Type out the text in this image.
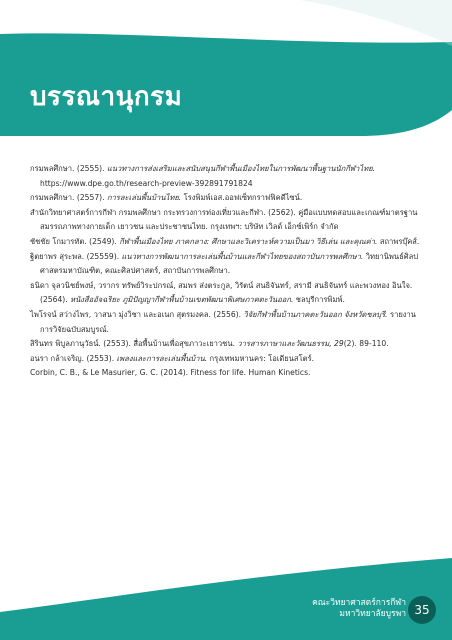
บรรณานุกรม

กรมพลศึกษา. (2555). แนวทางการส่งเสริมและสนับสนุนกีฬาพื้นเมืองไทยในการพัฒนาพื้นฐานนักกีฬาไทย. https://www.dpe.go.th/research-preview-392891791824

กรมพลศึกษา. (2557). การละเล่นพื้นบ้านไทย. โรงพิมพ์เอส.ออฟเซ็ทกราฟฟิคดีไซน์.

สำนักวิทยาศาสตร์การกีฬา กรมพลศึกษา กระทรวงการท่องเที่ยวและกีฬา. (2562). คู่มือแบบทดสอบและเกณฑ์มาตรฐานสมรรถภาพทางกายเด็ก เยาวชน และประชาชนไทย. กรุงเทพฯ: บริษัท เวิลด์ เอ็กซ์เพิร์ก จำกัด

ชัชชัย โกมารทัต. (2549). กีฬาพื้นเมืองไทย ภาคกลาง: ศึกษาและวิเคราะห์ความเป็นมา วิธีเล่น และคุณค่า. สถาพรบุ๊คส์.

ฐิตยาพร สุระพล. (25559). แนวทางการพัฒนาการละเล่นพื้นบ้านและกีฬาไทยของสถาบันการพลศึกษา. วิทยานิพนธ์ศิลปศาสตรมหาบัณฑิต, คณะศิลปศาสตร์, สถาบันการพลศึกษา.

ธนิดา จุลวนิชย์พงษ์, วรากร ทรัพย์วิระปกรณ์, สมพร ส่งตระกูล, วิรัตน์ สนธิจันทร์, สรามี สนธิจันทร์ และพวงทอง อินใจ. (2564). หนังสืออัจฉริยะ ภูมิปัญญากีฬาพื้นบ้านเขตพัฒนาพิเศษภาคตะวันออก. ชลบุรีการพิมพ์.

ไพโรจน์ สว่างไพร, วาสนา มุ่งวิชา และอเนก สุตรมงคล. (2556). วิจัยกีฬาพื้นบ้านภาคตะวันออก จังหวัดชลบุรี. รายงานการวิจัยฉบับสมบูรณ์.

สิรินทร พิบูลภานุวัธน์. (2553). สื่อพื้นบ้านเพื่อสุขภาวะเยาวชน. วารสารภาษาและวัฒนธรรม, 29(2). 89-110.

อนรา กล้าเจริญ. (2553). เพลงและการละเล่นพื้นบ้าน. กรุงเทพมหานคร: โอเดียนสโตร์.

Corbin, C. B., & Le Masurier, G. C. (2014). Fitness for life. Human Kinetics.

คณะวิทยาศาสตร์การกีฬา
มหาวิทยาลัยบูรพา 35
